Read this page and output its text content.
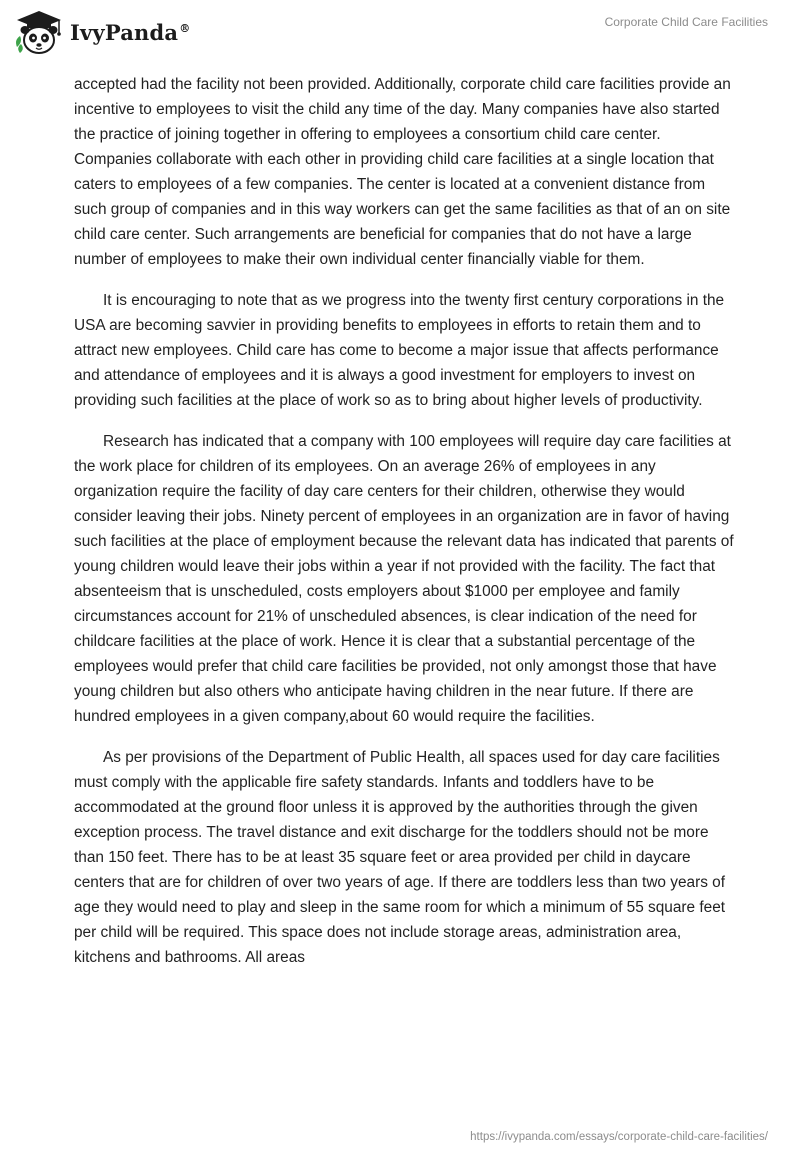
IvyPanda®	Corporate Child Care Facilities

accepted had the facility not been provided. Additionally, corporate child care facilities provide an incentive to employees to visit the child any time of the day. Many companies have also started the practice of joining together in offering to employees a consortium child care center. Companies collaborate with each other in providing child care facilities at a single location that caters to employees of a few companies. The center is located at a convenient distance from such group of companies and in this way workers can get the same facilities as that of an on site child care center. Such arrangements are beneficial for companies that do not have a large number of employees to make their own individual center financially viable for them.

It is encouraging to note that as we progress into the twenty first century corporations in the USA are becoming savvier in providing benefits to employees in efforts to retain them and to attract new employees. Child care has come to become a major issue that affects performance and attendance of employees and it is always a good investment for employers to invest on providing such facilities at the place of work so as to bring about higher levels of productivity.

Research has indicated that a company with 100 employees will require day care facilities at the work place for children of its employees. On an average 26% of employees in any organization require the facility of day care centers for their children, otherwise they would consider leaving their jobs. Ninety percent of employees in an organization are in favor of having such facilities at the place of employment because the relevant data has indicated that parents of young children would leave their jobs within a year if not provided with the facility. The fact that absenteeism that is unscheduled, costs employers about $1000 per employee and family circumstances account for 21% of unscheduled absences, is clear indication of the need for childcare facilities at the place of work. Hence it is clear that a substantial percentage of the employees would prefer that child care facilities be provided, not only amongst those that have young children but also others who anticipate having children in the near future. If there are hundred employees in a given company,about 60 would require the facilities.

As per provisions of the Department of Public Health, all spaces used for day care facilities must comply with the applicable fire safety standards. Infants and toddlers have to be accommodated at the ground floor unless it is approved by the authorities through the given exception process. The travel distance and exit discharge for the toddlers should not be more than 150 feet. There has to be at least 35 square feet or area provided per child in daycare centers that are for children of over two years of age. If there are toddlers less than two years of age they would need to play and sleep in the same room for which a minimum of 55 square feet per child will be required. This space does not include storage areas, administration area, kitchens and bathrooms. All areas

https://ivypanda.com/essays/corporate-child-care-facilities/
